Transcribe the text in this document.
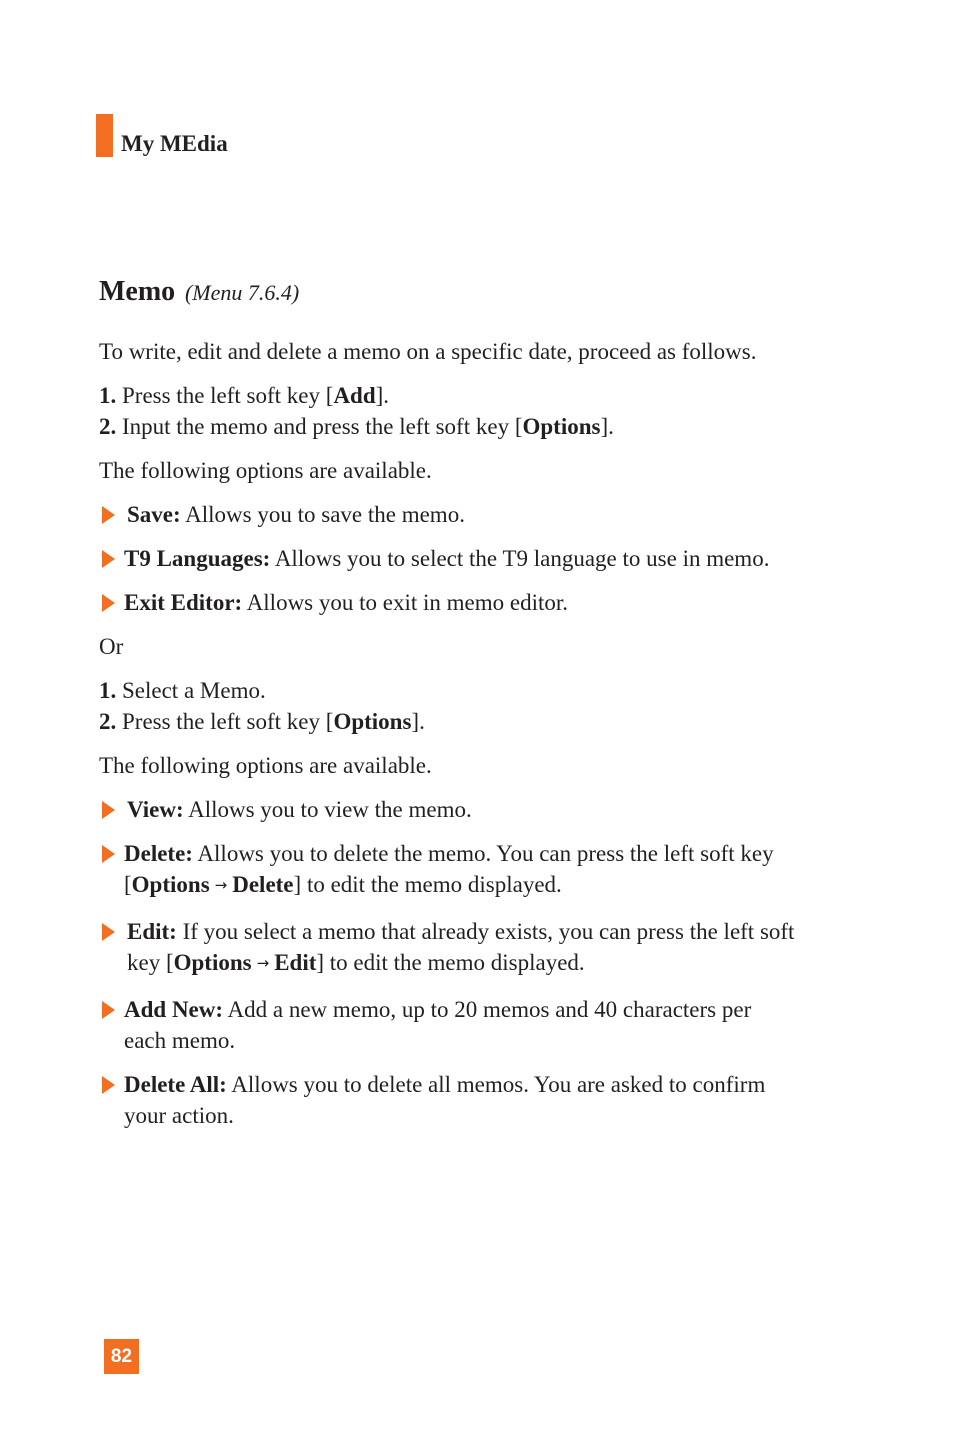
My MEdia
Memo (Menu 7.6.4)

To write, edit and delete a memo on a specific date, proceed as follows.

1. Press the left soft key [Add].

2. Input the memo and press the left soft key [Options].

The following options are available.

Save: Allows you to save the memo.
T9 Languages: Allows you to select the T9 language to use in memo.
Exit Editor: Allows you to exit in memo editor.

Or

1. Select a Memo.

2. Press the left soft key [Options].

The following options are available.

View: Allows you to view the memo.
Delete: Allows you to delete the memo. You can press the left soft key
[Options → Delete] to edit the memo displayed.
Edit: If you select a memo that already exists, you can press the left soft
key [Options → Edit] to edit the memo displayed.
Add New: Add a new memo, up to 20 memos and 40 characters per
each memo.
Delete All: Allows you to delete all memos. You are asked to confirm
your action.
82
